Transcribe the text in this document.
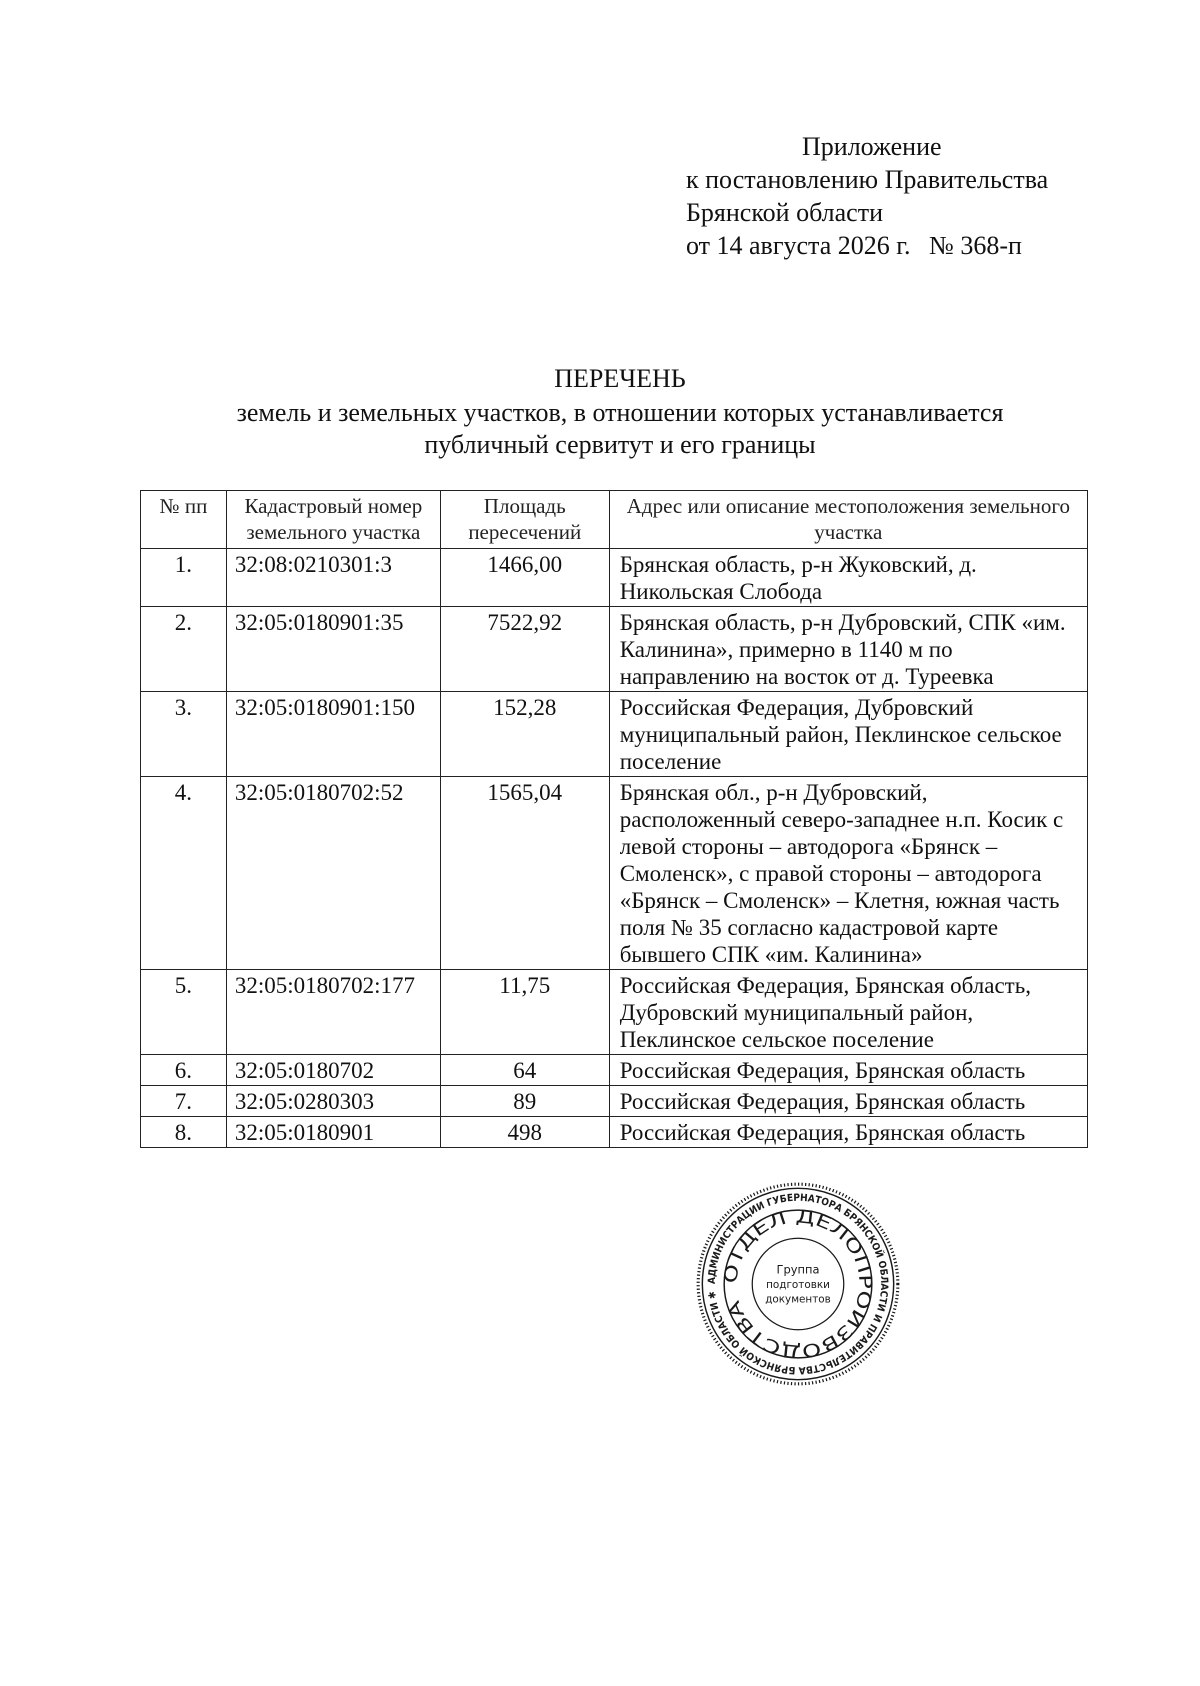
Приложение
к постановлению Правительства
Брянской области
от 14 августа 2026 г. № 368-п
ПЕРЕЧЕНЬ
земель и земельных участков, в отношении которых устанавливается
публичный сервитут и его границы
№ пп	Кадастровый номер земельного участка	Площадь пересечений	Адрес или описание местоположения земельного участка
1.	32:08:0210301:3	1466,00	Брянская область, р-н Жуковский, д. Никольская Слобода
2.	32:05:0180901:35	7522,92	Брянская область, р-н Дубровский, СПК «им. Калинина», примерно в 1140 м по направлению на восток от д. Туреевка
3.	32:05:0180901:150	152,28	Российская Федерация, Дубровский муниципальный район, Пеклинское сельское поселение
4.	32:05:0180702:52	1565,04	Брянская обл., р-н Дубровский, расположенный северо-западнее н.п. Косик с левой стороны – автодорога «Брянск – Смоленск», с правой стороны – автодорога «Брянск – Смоленск» – Клетня, южная часть поля № 35 согласно кадастровой карте бывшего СПК «им. Калинина»
5.	32:05:0180702:177	11,75	Российская Федерация, Брянская область, Дубровский муниципальный район, Пеклинское сельское поселение
6.	32:05:0180702	64	Российская Федерация, Брянская область
7.	32:05:0280303	89	Российская Федерация, Брянская область
8.	32:05:0180901	498	Российская Федерация, Брянская область
АДМИНИСТРАЦИИ ГУБЕРНАТОРА БРЯНСКОЙ ОБЛАСТИ И ПРАВИТЕЛЬСТВА БРЯНСКОЙ ОБЛАСТИ ✱
ОТДЕЛ ДЕЛОПРОИЗВОДСТВА
Группа
подготовки
документов
